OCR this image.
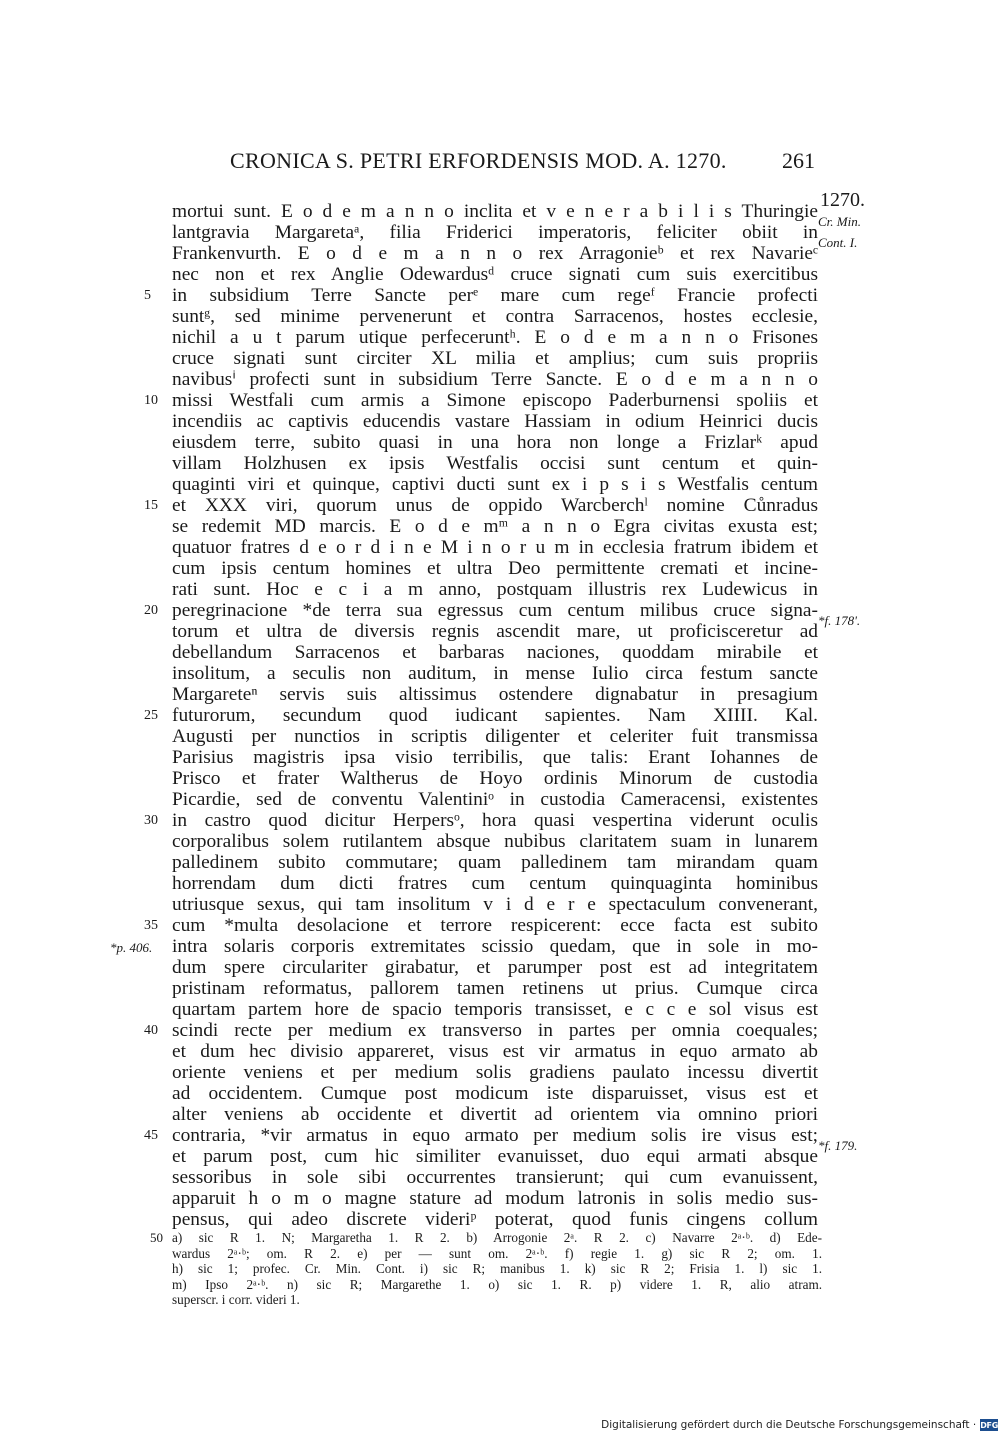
CRONICA S. PETRI ERFORDENSIS MOD. A. 1270.	261
1270.
Cr. Min.
Cont. I.
*f. 178'.
*f. 179.
*p. 406.
mortui sunt. E o d e m a n n o inclita et v e n e r a b i l i s Thuringie
lantgravia Margaretaᵃ, filia Friderici imperatoris, feliciter obiit in
Frankenvurth. E o d e m a n n o rex Arragonieᵇ et rex Navarieᶜ
nec non et rex Anglie Odewardusᵈ cruce signati cum suis exercitibus
in subsidium Terre Sancte perᵉ mare cum regeᶠ Francie profecti
5
suntᵍ, sed minime pervenerunt et contra Sarracenos, hostes ecclesie,
nichil a u t parum utique perfeceruntʰ. E o d e m a n n o Frisones
cruce signati sunt circiter XL milia et amplius; cum suis propriis
navibusⁱ profecti sunt in subsidium Terre Sancte. E o d e m a n n o
missi Westfali cum armis a Simone episcopo Paderburnensi spoliis et
10
incendiis ac captivis educendis vastare Hassiam in odium Heinrici ducis
eiusdem terre, subito quasi in una hora non longe a Frizlarᵏ apud
villam Holzhusen ex ipsis Westfalis occisi sunt centum et quin-
quaginti viri et quinque, captivi ducti sunt ex i p s i s Westfalis centum
et XXX viri, quorum unus de oppido Warcberchˡ nomine Cůnradus
15
se redemit MD marcis. E o d e mᵐ a n n o Egra civitas exusta est;
quatuor fratres d e o r d i n e M i n o r u m in ecclesia fratrum ibidem et
cum ipsis centum homines et ultra Deo permittente cremati et incine-
rati sunt. Hoc e c i a m anno, postquam illustris rex Ludewicus in
peregrinacione *de terra sua egressus cum centum milibus cruce signa-
20
torum et ultra de diversis regnis ascendit mare, ut proficisceretur ad
debellandum Sarracenos et barbaras naciones, quoddam mirabile et
insolitum, a seculis non auditum, in mense Iulio circa festum sancte
Margareteⁿ servis suis altissimus ostendere dignabatur in presagium
futurorum, secundum quod iudicant sapientes. Nam XIIII. Kal.
25
Augusti per nunctios in scriptis diligenter et celeriter fuit transmissa
Parisius magistris ipsa visio terribilis, que talis: Erant Iohannes de
Prisco et frater Waltherus de Hoyo ordinis Minorum de custodia
Picardie, sed de conventu Valentiniᵒ in custodia Cameracensi, existentes
in castro quod dicitur Herpersᵒ, hora quasi vespertina viderunt oculis
30
corporalibus solem rutilantem absque nubibus claritatem suam in lunarem
palledinem subito commutare; quam palledinem tam mirandam quam
horrendam dum dicti fratres cum centum quinquaginta hominibus
utriusque sexus, qui tam insolitum v i d e r e spectaculum convenerant,
cum *multa desolacione et terrore respicerent: ecce facta est subito
35
intra solaris corporis extremitates scissio quedam, que in sole in mo-
dum spere circulariter girabatur, et parumper post est ad integritatem
pristinam reformatus, pallorem tamen retinens ut prius. Cumque circa
quartam partem hore de spacio temporis transisset, e c c e sol visus est
scindi recte per medium ex transverso in partes per omnia coequales;
40
et dum hec divisio appareret, visus est vir armatus in equo armato ab
oriente veniens et per medium solis gradiens paulato incessu divertit
ad occidentem. Cumque post modicum iste disparuisset, visus est et
alter veniens ab occidente et divertit ad orientem via omnino priori
contraria, *vir armatus in equo armato per medium solis ire visus est;
45
et parum post, cum hic similiter evanuisset, duo equi armati absque
sessoribus in sole sibi occurrentes transierunt; qui cum evanuissent,
apparuit h o m o magne stature ad modum latronis in solis medio sus-
pensus, qui adeo discrete videriᵖ poterat, quod funis cingens collum
50 a) sic R 1. N; Margaretha 1. R 2. b) Arrogonie 2ᵃ. R 2. c) Navarre 2ᵃ·ᵇ. d) Ede-
wardus 2ᵃ·ᵇ; om. R 2. e) per — sunt om. 2ᵃ·ᵇ. f) regie 1. g) sic R 2; om. 1.
h) sic 1; profec. Cr. Min. Cont. i) sic R; manibus 1. k) sic R 2; Frisia 1. l) sic 1.
m) Ipso 2ᵃ·ᵇ. n) sic R; Margarethe 1. o) sic 1. R. p) videre 1. R, alio atram.
superscr. i corr. videri 1.
Digitalisierung gefördert durch die Deutsche Forschungsgemeinschaft · DFG
